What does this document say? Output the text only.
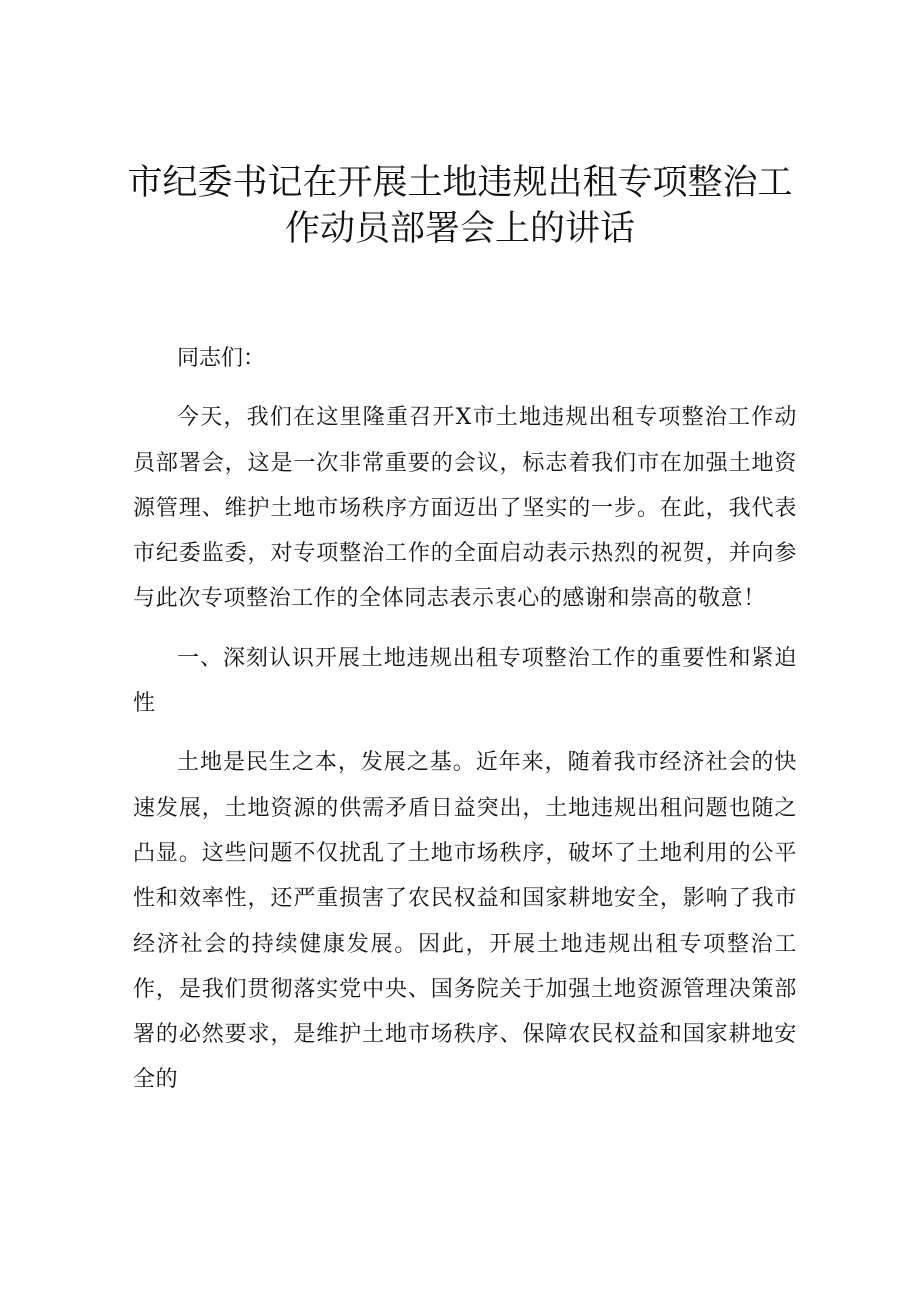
市纪委书记在开展土地违规出租专项整治工作动员部署会上的讲话

同志们：

今天，我们在这里隆重召开X市土地违规出租专项整治工作动员部署会，这是一次非常重要的会议，标志着我们市在加强土地资源管理、维护土地市场秩序方面迈出了坚实的一步。在此，我代表市纪委监委，对专项整治工作的全面启动表示热烈的祝贺，并向参与此次专项整治工作的全体同志表示衷心的感谢和崇高的敬意！

一、深刻认识开展土地违规出租专项整治工作的重要性和紧迫性

土地是民生之本，发展之基。近年来，随着我市经济社会的快速发展，土地资源的供需矛盾日益突出，土地违规出租问题也随之凸显。这些问题不仅扰乱了土地市场秩序，破坏了土地利用的公平性和效率性，还严重损害了农民权益和国家耕地安全，影响了我市经济社会的持续健康发展。因此，开展土地违规出租专项整治工作，是我们贯彻落实党中央、国务院关于加强土地资源管理决策部署的必然要求，是维护土地市场秩序、保障农民权益和国家耕地安全的
